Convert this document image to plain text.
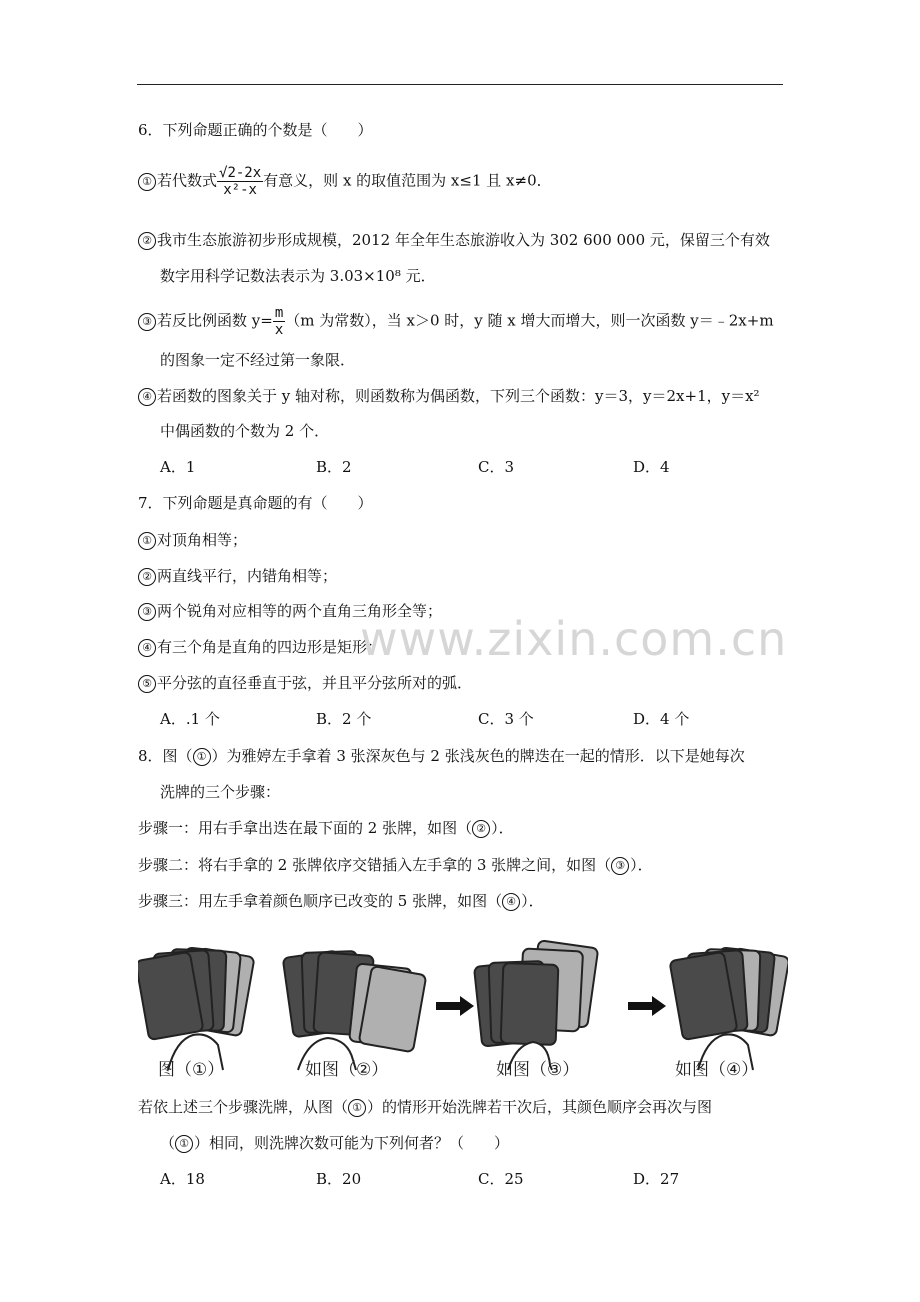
6．下列命题正确的个数是（　　）
① 若代数式 $\frac{√2-2x}{\text{x²-x}}$ 有意义，则 x 的取值范围为 x≤1 且 x≠0．
② 我市生态旅游初步形成规模，2012 年全年生态旅游收入为 302 600 000 元，保留三个有效
数字用科学记数法表示为 3.03×10⁸ 元．
③ 若反比例函数 $y= \frac{m}{x} (m$ 为常数），当 x＞0 时，y 随 x 增大而增大，则一次函数 y＝﹣2x+m
的图象一定不经过第一象限．
④ 若函数的图象关于 y 轴对称，则函数称为偶函数，下列三个函数：y＝3，y＝2x+1，y＝x²
中偶函数的个数为 2 个．
A．1	B．2	C．3	D．4
7．下列命题是真命题的有（　　）
① 对顶角相等；
② 两直线平行，内错角相等；
③ 两个锐角对应相等的两个直角三角形全等；
④ 有三个角是直角的四边形是矩形；
⑤ 平分弦的直径垂直于弦，并且平分弦所对的弧．
A．.1 个	B．2 个	C．3 个	D．4 个
www.zixin.com.cn
8．图（ ① ）为雅婷左手拿着 3 张深灰色与 2 张浅灰色的牌迭在一起的情形．以下是她每次
洗牌的三个步骤：
步骤一：用右手拿出迭在最下面的 2 张牌，如图（ ② ）．
步骤二：将右手拿的 2 张牌依序交错插入左手拿的 3 张牌之间，如图（ ③ ）．
步骤三：用左手拿着颜色顺序已改变的 5 张牌，如图（ ④ ）．
图（①）	如图（②）	如图（③）	如图（④）
若依上述三个步骤洗牌，从图（ ① ）的情形开始洗牌若干次后，其颜色顺序会再次与图
（ ① ）相同，则洗牌次数可能为下列何者？（　　）
A．18	B．20	C．25	D．27
